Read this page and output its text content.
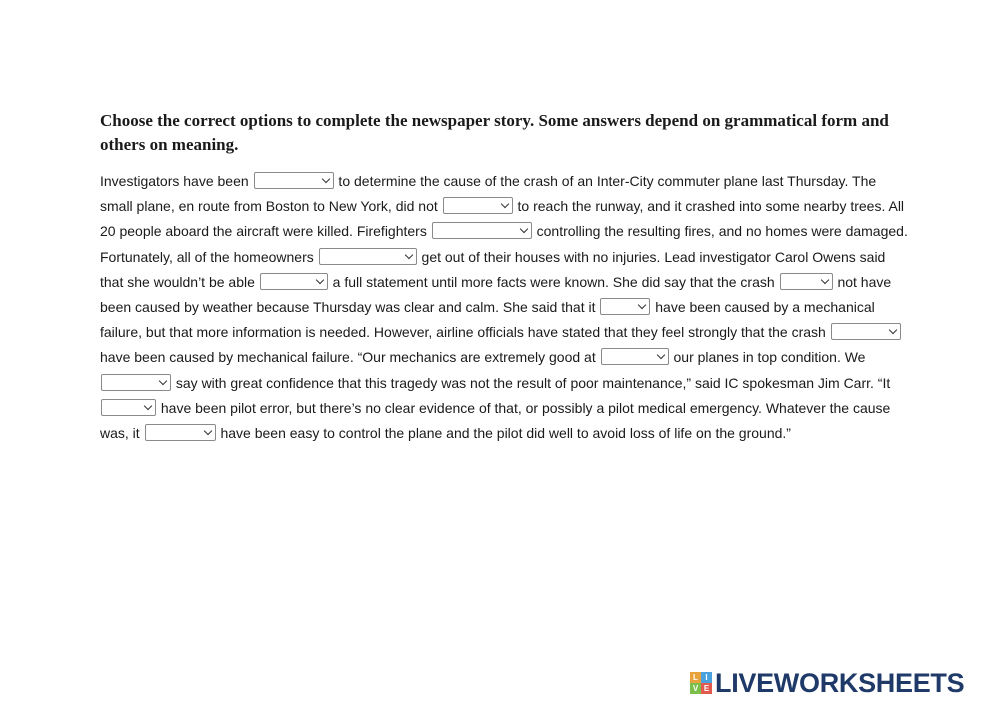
Choose the correct options to complete the newspaper story. Some answers depend on grammatical form and others on meaning.

Investigators have been	to determine the cause of the crash of an Inter-City commuter plane last Thursday. The small plane, en route from Boston to New York, did not	to reach the runway, and it crashed into some nearby trees. All 20 people aboard the aircraft were killed. Firefighters	controlling the resulting fires, and no homes were damaged. Fortunately, all of the homeowners	get out of their houses with no injuries. Lead investigator Carol Owens said that she wouldn’t be able	a full statement until more facts were known. She did say that the crash	not have been caused by weather because Thursday was clear and calm. She said that it	have been caused by a mechanical failure, but that more information is needed. However, airline officials have stated that they feel strongly that the crash
have been caused by mechanical failure. “Our mechanics are extremely good at	our planes in top condition. We
say with great confidence that this tragedy was not the result of poor maintenance,” said IC spokesman Jim Carr. “It
have been pilot error, but there’s no clear evidence of that, or possibly a pilot medical emergency. Whatever the cause was, it	have been easy to control the plane and the pilot did well to avoid loss of life on the ground.”

L I
V E LIVEWORKSHEETS
